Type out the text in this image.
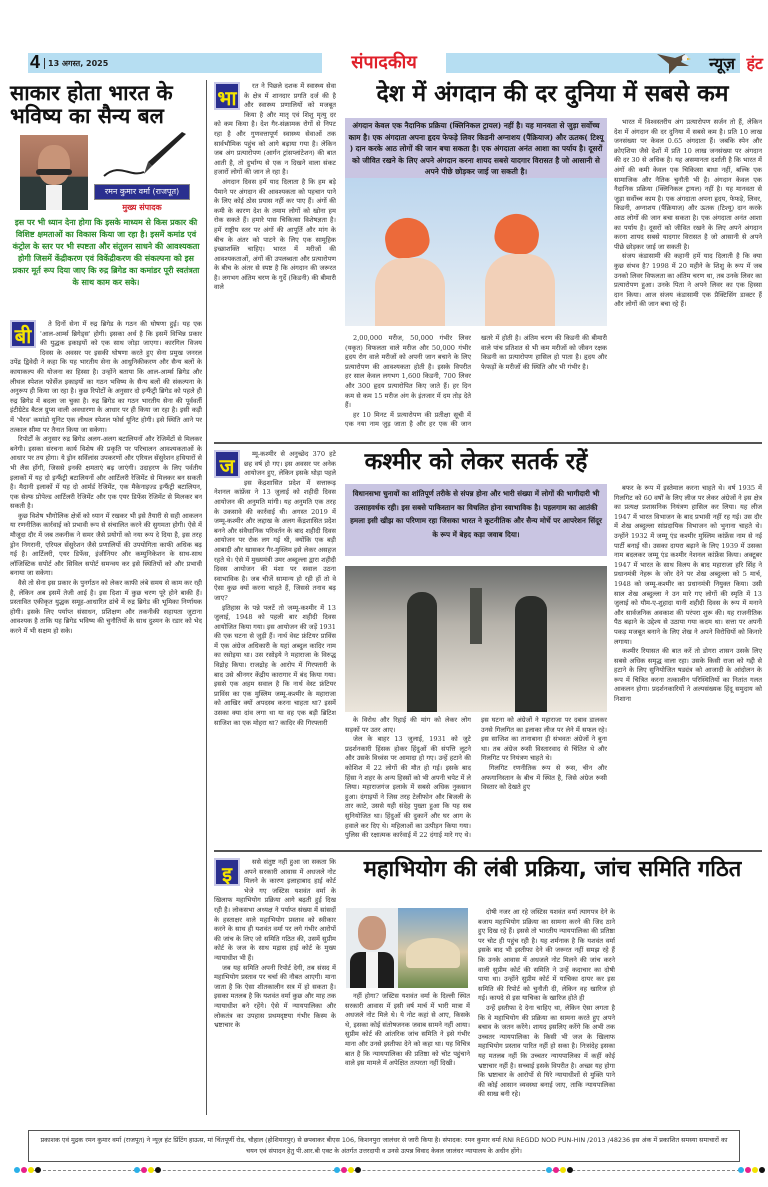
4 13 अगस्त, 2025	संपादकीय	न्यूज़ हंट
साकार होता भारत के भविष्य का सैन्य बल
रमन कुमार वर्मा (राजपूत)
मुख्य संपादक
इस पर भी ध्यान देना होगा कि इसके माध्यम से किस प्रकार की विशिष्ट क्षमताओं का विकास किया जा रहा है। इसमें कमांड एवं कंट्रोल के स्तर पर भी स्पष्टता और संतुलन साधने की आवश्यकता होगी जिसमें केंद्रीकरण एवं विकेंद्रीकरण की संकल्पना को इस प्रकार मूर्त रूप दिया जाए कि रुद्र ब्रिगेड का कमांडर पूरी स्वतंत्रता के साथ काम कर सके।
बी	ते दिनों सेना में रुद्र ब्रिगेड के गठन की घोषणा हुई। यह एक 'आल-आर्म्स ब्रिगेड्स' होगी। इसका अर्थ है कि इसमें विभिन्न प्रकार की युद्धक इकाइयों को एक साथ जोड़ा जाएगा। कारगिल विजय दिवस के अवसर पर इसकी घोषणा करते हुए सेना प्रमुख जनरल उपेंद्र द्विवेदी ने कहा कि यह भारतीय सेना के आधुनिकीकरण और सैन्य बलों के कायाकल्प की योजना का हिस्सा है। उन्होंने बताया कि आल-आर्म्स ब्रिगेड और लीथल स्पेशल फोर्सेज इकाइयों का गठन भविष्य के सैन्य बलों की संकल्पना के अनुरूप ही किया जा रहा है। कुछ रिपोर्टों के अनुसार दो इन्फैंट्री ब्रिगेड को पहले ही रुद्र ब्रिगेड में बदला जा चुका है। रुद्र ब्रिगेड का गठन भारतीय सेना की पूर्ववर्ती इंटीग्रेटेड बैटल ग्रुप्स वाली अवधारणा के आधार पर ही किया जा रहा है। इसी कड़ी में 'भैरव' कमांडो यूनिट एक लीथल स्पेशल फोर्स यूनिट होगी। इसे स्थिति आने पर तत्काल सीमा पर तैनात किया जा सकेगा।

रिपोर्टों के अनुसार रुद्र ब्रिगेड अलग-अलग बटालियनों और रेजिमेंटों से मिलकर बनेगी। इसका संरचना कार्य विशेष की प्रकृति पर परिचालन आवश्यकताओं के आधार पर तय होगा। ये ड्रोन सर्विलांस उपकरणों और एरियल सेंसुरेशन हथियारों से भी लैस होंगी, जिससे इनकी क्षमताएं बढ़ जाएंगी। उदाहरण के लिए पर्वतीय इलाकों में यह दो इन्फैंट्री बटालियनों और आर्टिलरी रेजिमेंट से मिलकर बन सकती है। मैदानी इलाकों में यह दो आर्मर्ड रेजिमेंट, एक मैकेनाइज्ड इन्फैंट्री बटालियन, एक सेल्फ प्रोपेल्ड आर्टिलरी रेजिमेंट और एक एयर डिफेंस रेजिमेंट से मिलकर बन सकती है।

कुछ विशेष भौगोलिक क्षेत्रों को ध्यान में रखकर भी इसे तैयारी से सही आकलन या रणनीतिक कार्रवाई को प्रभावी रूप से संचालित करने की सुगमता होगी। ऐसे में मौजूदा दौर में जब तकनीक ने समर जैसे प्रयोगों को नया रूप दे दिया है, इस तरह ड्रोन निगरानी, एरियल सेंसुरेशन जैसे प्रणालियों की उपयोगिता काफी अधिक बढ़ गई है। आर्टिलरी, एयर डिफेंस, इंजीनियर और कम्युनिकेशन के साथ-साथ लॉजिस्टिक सपोर्ट और सिविल सपोर्ट समन्वय कर इसे स्थितियों को और प्रभावी बनाया जा सकेगा।

वैसे तो सेना इस प्रकार के पुनर्गठन को लेकर काफी लंबे समय से काम कर रही है, लेकिन अब इसमें तेजी आई है। इस दिशा में कुछ चरण पूरे होने बाकी हैं। प्रस्तावित एकीकृत युद्धक समूह-आधारित ढांचे में रुद्र ब्रिगेड की भूमिका निर्णायक होगी। इसके लिए पर्याप्त संसाधन, प्रशिक्षण और तकनीकी सहायता जुटाना आवश्यक है ताकि यह ब्रिगेड भविष्य की चुनौतियों के साथ दुश्मन के रडार को भेद करने में भी सक्षम हो सके।

भा	रत ने पिछले दशक में स्वास्थ्य सेवा के क्षेत्र में शानदार प्रगति दर्ज की है और स्वास्थ्य प्रणालियों को मजबूत किया है और मातृ एवं शिशु मृत्यु दर को कम किया है। देश गैर-संक्रामक रोगों से निपट रहा है और गुणवत्तापूर्ण स्वास्थ्य सेवाओं तक सार्वभौमिक पहुंच को आगे बढ़ाया गया है। लेकिन जब अंग प्रत्यारोपण (आर्गन ट्रांसप्लांटेशन) की बात आती है, तो दुर्भाग्य से एक न दिखने वाला संकट हजारों लोगों की जान ले रहा है।

अंगदान दिवस हमें याद दिलाता है कि हम बड़े पैमाने पर अंगदान की आवश्यकता को पहचान पाने के लिए कोई ठोस प्रयास नहीं कर पाए हैं। अंगों की कमी के कारण देश के तमाम लोगों को खोना हम रोक सकते हैं। हमारे पास चिकित्सा विशेषज्ञता है। हमें राष्ट्रीय स्तर पर अंगों की आपूर्ति और मांग के बीच के अंतर को पाटने के लिए एक सामूहिक इच्छाशक्ति चाहिए। भारत में मरीजों की आवश्यकताओं, अंगों की उपलब्धता और प्रत्यारोपण के बीच के अंतर से स्पष्ट है कि अंगदान की जरूरत है। लगभग अंतिम चरण के गुर्दे (किडनी) की बीमारी वाले

देश में अंगदान की दर दुनिया में सबसे कम
अंगदान केवल एक नैदानिक प्रक्रिया (क्लिनिकल ट्रायल) नहीं है। यह मानवता से जुड़ा सर्वोच्च काम है। एक अंगदाता अपना हृदय फेफड़े लिवर किडनी अग्नाशय (पैंक्रियाज) और ऊतक( टिश्यू ) दान करके आठ लोगों की जान बचा सकता है। एक अंगदाता अनंत आशा का पर्याय है। दूसरों को जीवित रखने के लिए अपने अंगदान करना शायद सबसे यादगार विरासत है जो आसानी से अपने पीछे छोड़कर जाई जा सकती है।

2,00,000 मरीज, 50,000 गंभीर लिवर (यकृत) विफलता वाले मरीज और 50,000 गंभीर हृदय रोग वाले मरीजों को अपनी जान बचाने के लिए प्रत्यारोपण की आवश्यकता होती है। इसके विपरीत हर साल केवल लगभग 1,600 किडनी, 700 लिवर और 300 हृदय प्रत्यारोपित किए जाते हैं। हर दिन कम से कम 15 मरीज अंग के इंतजार में दम तोड़ देते हैं।

हर 10 मिनट में प्रत्यारोपण की प्रतीक्षा सूची में एक नया नाम जुड़ जाता है और हर एक की जान खतरे में होती है। अंतिम चरण की किडनी की बीमारी वाले पांच प्रतिशत से भी कम मरीजों को जीवन रक्षक किडनी का प्रत्यारोपण हासिल हो पाता है। हृदय और फेफड़ों के मरीजों की स्थिति और भी गंभीर है।

भारत में विश्वस्तरीय अंग प्रत्यारोपण सर्जन तो हैं, लेकिन देश में अंगदान की दर दुनिया में सबसे कम है। प्रति 10 लाख जनसंख्या पर केवल 0.65 अंगदाता हैं। जबकि स्पेन और क्रोएशिया जैसे देशों में प्रति 10 लाख जनसंख्या पर अंगदान की दर 30 से अधिक है। यह असमानता दर्शाती है कि भारत में अंगों की कमी केवल एक चिकित्सा बाधा नहीं, बल्कि एक सामाजिक और नैतिक चुनौती भी है। अंगदान केवल एक नैदानिक प्रक्रिया (क्लिनिकल ट्रायल) नहीं है। यह मानवता से जुड़ा सर्वोच्च काम है। एक अंगदाता अपना हृदय, फेफड़े, लिवर, किडनी, अग्नाशय (पैंक्रियाज) और ऊतक (टिश्यू) दान करके आठ लोगों की जान बचा सकता है। एक अंगदाता अनंत आशा का पर्याय है। दूसरों को जीवित रखने के लिए अपने अंगदान करना शायद सबसे यादगार विरासत है जो आसानी से अपने पीछे छोड़कर जाई जा सकती है।

संजय कंडासामी की कहानी हमें याद दिलाती है कि क्या कुछ संभव है? 1998 में 20 महीने के शिशु के रूप में जब उनको लिवर विफलता का अंतिम चरण था, तब उनके लिवर का प्रत्यारोपण हुआ। उनके पिता ने अपने लिवर का एक हिस्सा दान किया। आज संजय कंडासामी एक प्रैक्टिसिंग डाक्टर हैं और लोगों की जान बचा रहे हैं।

ज	म्मू-कश्मीर से अनुच्छेद 370 हटे छह वर्ष हो गए। इस अवसर पर अनेक आयोजन हुए, लेकिन इसके थोड़ा पहले इस केंद्रशासित प्रदेश में सत्तारूढ़ नेशनल कांफ्रेंस ने 13 जुलाई को शहीदी दिवस आयोजन की अनुमति मांगी। यह अनुमति एक तरह के उकसावे की कार्रवाई थी। अगस्त 2019 में जम्मू-कश्मीर और लद्दाख के अलग केंद्रशासित प्रदेश बनने और संवैधानिक परिवर्तन के बाद शहीदी दिवस आयोजन पर रोक लग गई थी, क्योंकि एक बड़ी आबादी और खासकर गैर-मुस्लिम इसे लेकर असहज रहते थे। ऐसे में मुख्यमंत्री उमर अब्दुल्ला द्वारा शहीदी दिवस आयोजन की मंशा पर सवाल उठना स्वाभाविक है। जब चीजें सामान्य हो रही हों तो वे ऐसा कुछ क्यों करना चाहते हैं, जिससे तनाव बढ़ जाए?

इतिहास के पन्ने पलटें तो जम्मू-कश्मीर में 13 जुलाई, 1948 को पहली बार शहीदी दिवस आयोजित किया गया। इस आयोजन की जड़ें 1931 की एक घटना से जुड़ी हैं। नार्थ वेस्ट फ्रंटियर प्राविंस में एक अंग्रेज अधिकारी के यहां अब्दुल कादिर नाम का रसोइया था। उस रसोइये ने महाराजा के विरुद्ध विद्रोह किया। राजद्रोह के आरोप में गिरफ्तारी के बाद उसे श्रीनगर केंद्रीय कारागार में बंद किया गया। इससे एक अहम सवाल है कि नार्थ वेस्ट फ्रंटियर प्राविंस का एक मुस्लिम जम्मू-कश्मीर के महाराजा को आखिर क्यों अपदस्थ करना चाहता था? इसमें उसका क्या दांव लगा था या वह एक बड़ी ब्रिटिश साजिश का एक मोहरा था? कादिर की गिरफ्तारी

कश्मीर को लेकर सतर्क रहें
विधानसभा चुनावों का शांतिपूर्ण तरीके से संपन्न होना और भारी संख्या में लोगों की भागीदारी भी उत्साहवर्धक रही। इस सबसे पाकिस्तान का विचलित होना स्वाभाविक है। पहलगाम का आतंकी हमला इसी खीझ का परिणाम रहा जिसका भारत ने कूटनीतिक और सैन्य मोर्चे पर आपरेशन सिंदूर के रूप में बेहद कड़ा जवाब दिया।

के विरोध और रिहाई की मांग को लेकर लोग सड़कों पर उतर आए।

जेल के बाहर 13 जुलाई, 1931 को जुटे प्रदर्शनकारी हिंसक होकर हिंदुओं की संपत्ति लूटने और उसके विध्वंस पर आमादा हो गए। उन्हें हटाने की कोशिश में 22 लोगों की मौत हो गई। इसके बाद हिंसा ने शहर के अन्य हिस्सों को भी अपनी चपेट में ले लिया। महाराजगंज इलाके में सबसे अधिक नुकसान हुआ। दंगाइयों ने जिस तरह टेलीफोन और बिजली के तार काटे, उससे यही संदेह पुख्ता हुआ कि यह सब सुनियोजित था। हिंदुओं की दुकानें और घर आग के हवाले कर दिए थे। महिलाओं का उत्पीड़न किया गया। पुलिस की रक्षात्मक कार्रवाई में 22 दंगाई मारे गए थे। इस घटना को अंग्रेजों ने महाराजा पर दबाव डालकर उनसे गिलगित का इलाका लीज पर लेने में सफल रहे। इस साजिश का तानाबाना ही संभवतः अंग्रेजों ने बुना था। तब अंग्रेज रूसी विस्तारवाद से चिंतित थे और गिलगिट पर नियंत्रण चाहते थे।

गिलगिट रणनीतिक रूप से रूस, चीन और अफगानिस्तान के बीच में स्थित है, जिसे अंग्रेज रूसी विस्तार को देखते हुए

बफर के रूप में इस्तेमाल करना चाहते थे। वर्ष 1935 में गिलगिट को 60 वर्षों के लिए लीज पर लेकर अंग्रेजों ने इस क्षेत्र का प्रत्यक्ष प्रशासनिक नियंत्रण हासिल कर लिया। यह लीज 1947 में भारत विभाजन के बाद प्रभावी नहीं रह गई। उस दौर में शेख अब्दुल्ला सांप्रदायिक विभाजन को भुनाना चाहते थे। उन्होंने 1932 में जम्मू एंड कश्मीर मुस्लिम कांफ्रेंस नाम से नई पार्टी बनाई थी। उसका दायरा बढ़ाने के लिए 1939 में उसका नाम बदलकर जम्मू एंड कश्मीर नेशनल कांफ्रेंस किया। अक्टूबर 1947 में भारत के साथ विलय के बाद महाराजा हरि सिंह ने प्रधानमंत्री नेहरू के जोर देने पर शेख अब्दुल्ला को 5 मार्च, 1948 को जम्मू-कश्मीर का प्रधानमंत्री नियुक्त किया। उसी साल शेख अब्दुल्ला ने उन मारे गए लोगों की स्मृति में 13 जुलाई को यौम-ए-शुहादा यानी शहीदी दिवस के रूप में मनाने और सार्वजनिक अवकाश की परंपरा शुरू की। यह राजनीतिक पैठ बढ़ाने के उद्देश्य से उठाया गया कदम था। सत्ता पर अपनी पकड़ मजबूत बनाने के लिए शेख ने अपने विरोधियों को किनारे लगाया।

कश्मीर रियासत की बात करें तो डोगरा शासन उसके लिए सबसे अधिक समृद्ध वाला रहा। उसके किसी राजा को गद्दी से हटाने के लिए सुनियोजित षड्यंत्र को आजादी के आंदोलन के रूप में चित्रित करना तत्कालीन परिस्थितियों का नितांत गलत आकलन होगा। प्रदर्शनकारियों ने अल्पसंख्यक हिंदू समुदाय को निशाना

इ	ससे संतुष्ट नहीं हुआ जा सकता कि अपने सरकारी आवास में अधजले नोट मिलने के कारण इलाहाबाद हाई कोर्ट भेजे गए जस्टिस यशवंत वर्मा के खिलाफ महाभियोग प्रक्रिया आगे बढ़ती हुई दिख रही है। लोकसभा अध्यक्ष ने पर्याप्त संख्या में सांसदों के हस्ताक्षर वाले महाभियोग प्रस्ताव को स्वीकार करने के साथ ही यशवंत वर्मा पर लगे गंभीर आरोपों की जांच के लिए जो समिति गठित की, उसमें सुप्रीम कोर्ट के जज के साथ मद्रास हाई कोर्ट के मुख्य न्यायाधीश भी हैं।

जब यह समिति अपनी रिपोर्ट देगी, तब संसद में महाभियोग प्रस्ताव पर चर्चा की नौबत आएगी। माना जाता है कि ऐसा शीतकालीन सत्र में हो सकता है। इसका मतलब है कि यशवंत वर्मा कुछ और माह तक न्यायाधीश बने रहेंगे। ऐसे में न्यायपालिका और लोकतंत्र का उपहास प्रथमदृष्टया गंभीर किस्म के भ्रष्टाचार के

महाभियोग की लंबी प्रक्रिया, जांच समिति गठित

नहीं होगा? जस्टिस यशवंत वर्मा के दिल्ली स्थित सरकारी आवास में इसी वर्ष मार्च में भारी मात्रा में अधजले नोट मिले थे। ये नोट कहां से आए, किसके थे, इसका कोई संतोषजनक जवाब सामने नहीं आया। सुप्रीम कोर्ट की आंतरिक जांच समिति ने इसे गंभीर माना और उनसे इस्तीफा देने को कहा था। यह विचित्र बात है कि न्यायपालिका की प्रतिष्ठा को चोट पहुंचाने वाले इस मामले में अपेक्षित तत्परता नहीं दिखी।

दोषी नजर आ रहे जस्टिस यशवंत वर्मा त्यागपत्र देने के बजाय महाभियोग प्रक्रिया का सामना करने की जिद ठाने हुए दिख रहे हैं। इससे तो भारतीय न्यायपालिका की प्रतिष्ठा पर चोट ही पहुंच रही है। यह शर्मनाक है कि यशवंत वर्मा इसके बाद भी इस्तीफा देने की जरूरत नहीं समझ रहे हैं कि उनके आवास में अधजले नोट मिलने की जांच करने वाली सुप्रीम कोर्ट की समिति ने उन्हें कदाचार का दोषी पाया था। उन्होंने सुप्रीम कोर्ट में याचिका दायर कर इस समिति की रिपोर्ट को चुनौती दी, लेकिन वह खारिज हो गई। कायदे से इस याचिका के खारिज होते ही

उन्हें इस्तीफा दे देना चाहिए था, लेकिन ऐसा लगता है कि वे महाभियोग की प्रक्रिया का सामना करते हुए अपने बचाव के जतन करेंगे। शायद इसलिए करेंगे कि अभी तक उच्चतर न्यायपालिका के किसी भी जज के खिलाफ महाभियोग प्रस्ताव पारित नहीं हो सका है। निःसंदेह इसका यह मतलब नहीं कि उच्चतर न्यायपालिका में कहीं कोई भ्रष्टाचार नहीं है। सच्चाई इसके विपरीत है। अच्छा यह होगा कि भ्रष्टाचार के आरोपों से घिरे न्यायाधीशों से मुक्ति पाने की कोई आसान व्यवस्था बनाई जाए, ताकि न्यायपालिका की साख बनी रहे।

प्रकाशक एवं मुद्रक रमन कुमार वर्मा (राजपूत) ने न्यूज़ हंट प्रिंटिंग हाऊस, मां चिंतपूर्णी रोड, चौहाल (होशियारपुर) से छपवाकर बीएस 106, किशनपुरा जालंधर से जारी किया है। संपादक: रमन कुमार वर्मा RNI REGDD NOD PUN-HIN /2013 /48236 इस अंक में प्रकाशित समस्या समाचारों का चयन एवं संपादन हेतु पी.आर.बी एक्ट के अंतर्गत उत्तरदायी व उनसे उत्पन्न विवाद केवल जालंधर न्यायालय के अधीन होंगे।
